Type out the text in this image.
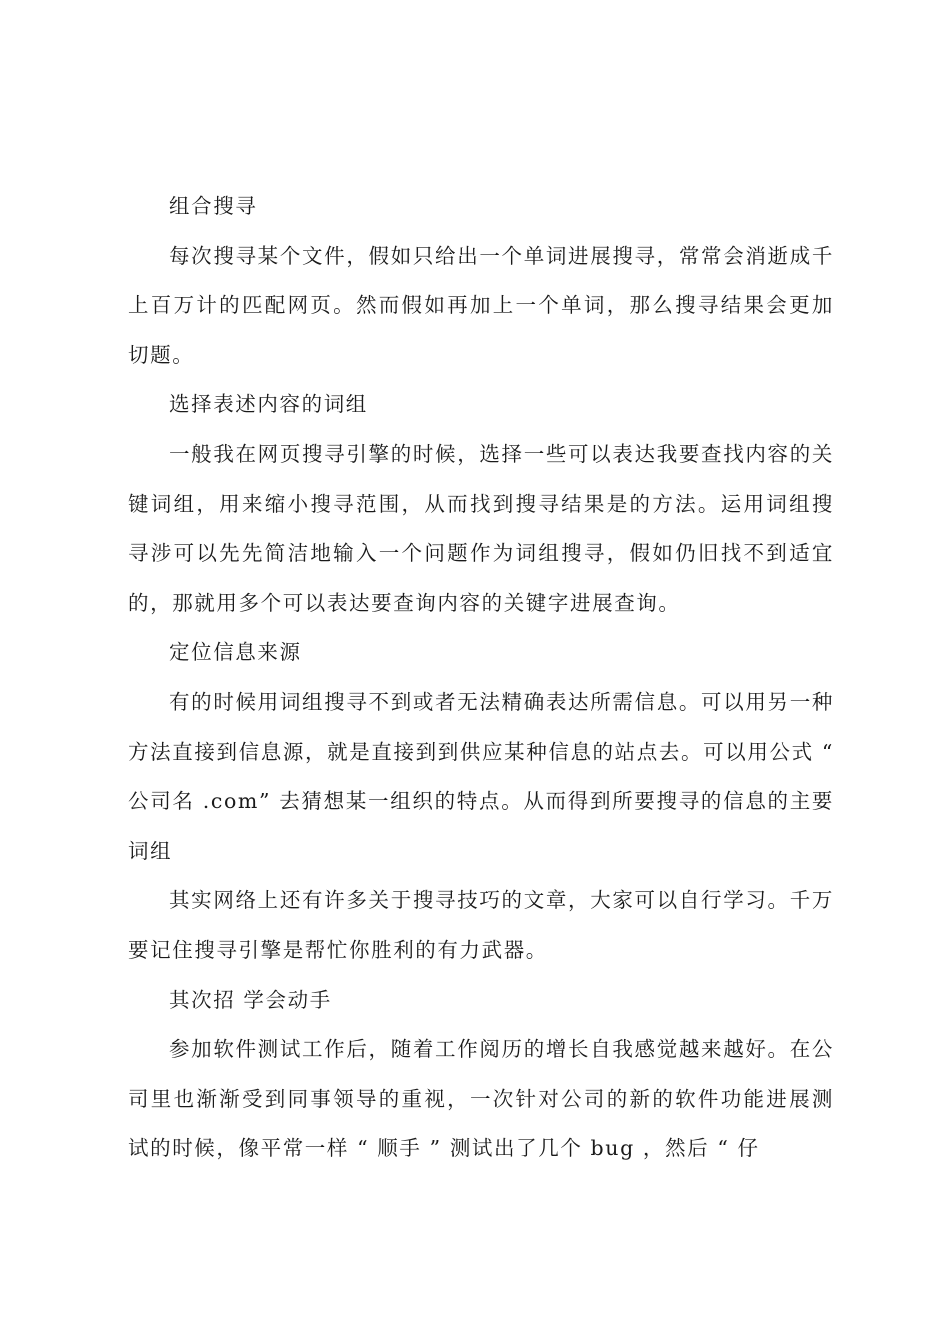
组合搜寻

每次搜寻某个文件，假如只给出一个单词进展搜寻，常常会消逝成千上百万计的匹配网页。然而假如再加上一个单词，那么搜寻结果会更加切题。

选择表述内容的词组

一般我在网页搜寻引擎的时候，选择一些可以表达我要查找内容的关键词组，用来缩小搜寻范围，从而找到搜寻结果是的方法。运用词组搜寻涉可以先先简洁地输入一个问题作为词组搜寻，假如仍旧找不到适宜的，那就用多个可以表达要查询内容的关键字进展查询。

定位信息来源

有的时候用词组搜寻不到或者无法精确表达所需信息。可以用另一种方法直接到信息源，就是直接到到供应某种信息的站点去。可以用公式 “ 公司名 .com” 去猜想某一组织的特点。从而得到所要搜寻的信息的主要词组

其实网络上还有许多关于搜寻技巧的文章，大家可以自行学习。千万要记住搜寻引擎是帮忙你胜利的有力武器。

其次招 学会动手

参加软件测试工作后，随着工作阅历的增长自我感觉越来越好。在公司里也渐渐受到同事领导的重视，一次针对公司的新的软件功能进展测试的时候，像平常一样 “ 顺手 ” 测试出了几个 bug ，然后 “ 仔
